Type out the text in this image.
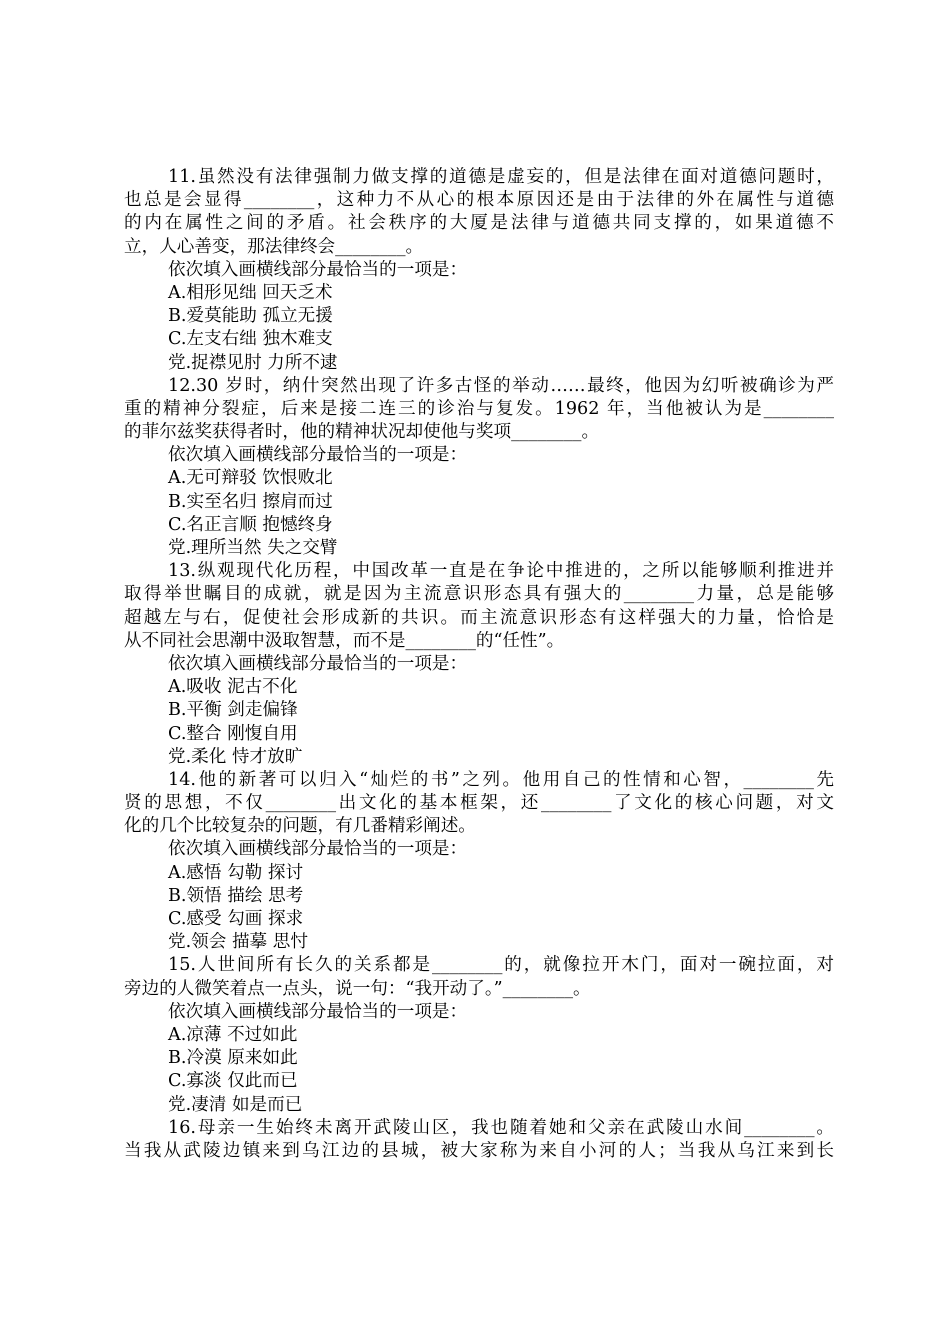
11.虽然没有法律强制力做支撑的道德是虚妄的，但是法律在面对道德问题时，
也总是会显得________，这种力不从心的根本原因还是由于法律的外在属性与道德
的内在属性之间的矛盾。社会秩序的大厦是法律与道德共同支撑的，如果道德不
立，人心善变，那法律终会________。
依次填入画横线部分最恰当的一项是：
A.相形见绌 回天乏术
B.爱莫能助 孤立无援
C.左支右绌 独木难支
党.捉襟见肘 力所不逮
12.30 岁时，纳什突然出现了许多古怪的举动……最终，他因为幻听被确诊为严
重的精神分裂症，后来是接二连三的诊治与复发。1962 年，当他被认为是________
的菲尔兹奖获得者时，他的精神状况却使他与奖项________。
依次填入画横线部分最恰当的一项是：
A.无可辩驳 饮恨败北
B.实至名归 擦肩而过
C.名正言顺 抱憾终身
党.理所当然 失之交臂
13.纵观现代化历程，中国改革一直是在争论中推进的，之所以能够顺利推进并
取得举世瞩目的成就，就是因为主流意识形态具有强大的________力量，总是能够
超越左与右，促使社会形成新的共识。而主流意识形态有这样强大的力量，恰恰是
从不同社会思潮中汲取智慧，而不是________的“任性”。
依次填入画横线部分最恰当的一项是：
A.吸收 泥古不化
B.平衡 剑走偏锋
C.整合 刚愎自用
党.柔化 恃才放旷
14.他的新著可以归入“灿烂的书”之列。他用自己的性情和心智，________先
贤的思想，不仅________出文化的基本框架，还________了文化的核心问题，对文
化的几个比较复杂的问题，有几番精彩阐述。
依次填入画横线部分最恰当的一项是：
A.感悟 勾勒 探讨
B.领悟 描绘 思考
C.感受 勾画 探求
党.领会 描摹 思忖
15.人世间所有长久的关系都是________的，就像拉开木门，面对一碗拉面，对
旁边的人微笑着点一点头，说一句：“我开动了。”________。
依次填入画横线部分最恰当的一项是：
A.凉薄 不过如此
B.冷漠 原来如此
C.寡淡 仅此而已
党.凄清 如是而已
16.母亲一生始终未离开武陵山区，我也随着她和父亲在武陵山水间________。
当我从武陵边镇来到乌江边的县城，被大家称为来自小河的人；当我从乌江来到长
